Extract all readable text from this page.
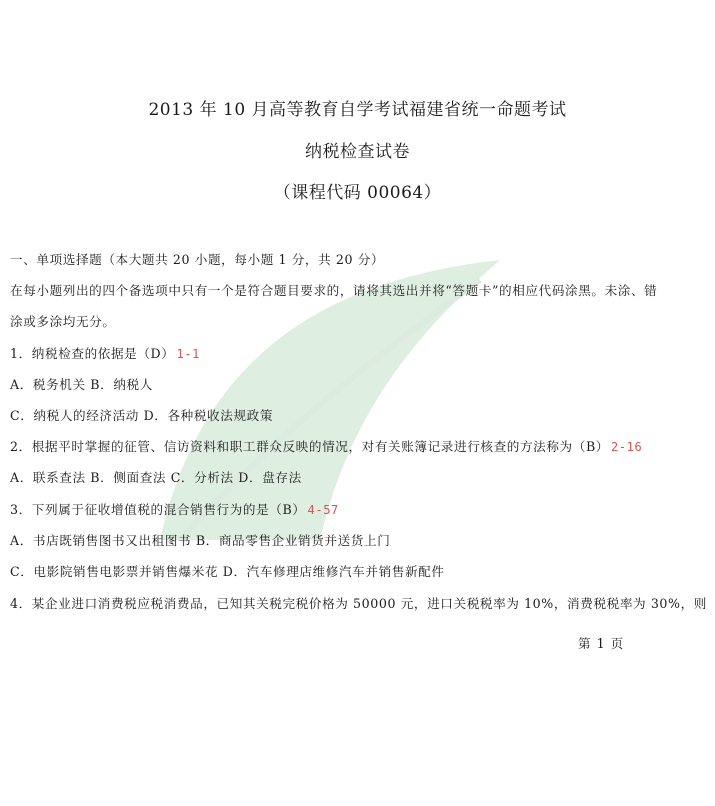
2013 年 10 月高等教育自学考试福建省统一命题考试
纳税检查试卷
（课程代码 00064）
一、单项选择题（本大题共 20 小题，每小题 1 分，共 20 分）
在每小题列出的四个备选项中只有一个是符合题目要求的，请将其选出并将“答题卡”的相应代码涂黑。未涂、错
涂或多涂均无分。
1．纳税检查的依据是（D） 1-1
A．税务机关 B．纳税人
C．纳税人的经济活动 D．各种税收法规政策
2．根据平时掌握的征管、信访资料和职工群众反映的情况，对有关账簿记录进行核查的方法称为（B） 2-16
A．联系查法 B．侧面查法 C．分析法 D．盘存法
3．下列属于征收增值税的混合销售行为的是（B） 4-57
A．书店既销售图书又出租图书 B．商品零售企业销货并送货上门
C．电影院销售电影票并销售爆米花 D．汽车修理店维修汽车并销售新配件
4．某企业进口消费税应税消费品，已知其关税完税价格为 50000 元，进口关税税率为 10%，消费税税率为 30%，则
第 1 页
